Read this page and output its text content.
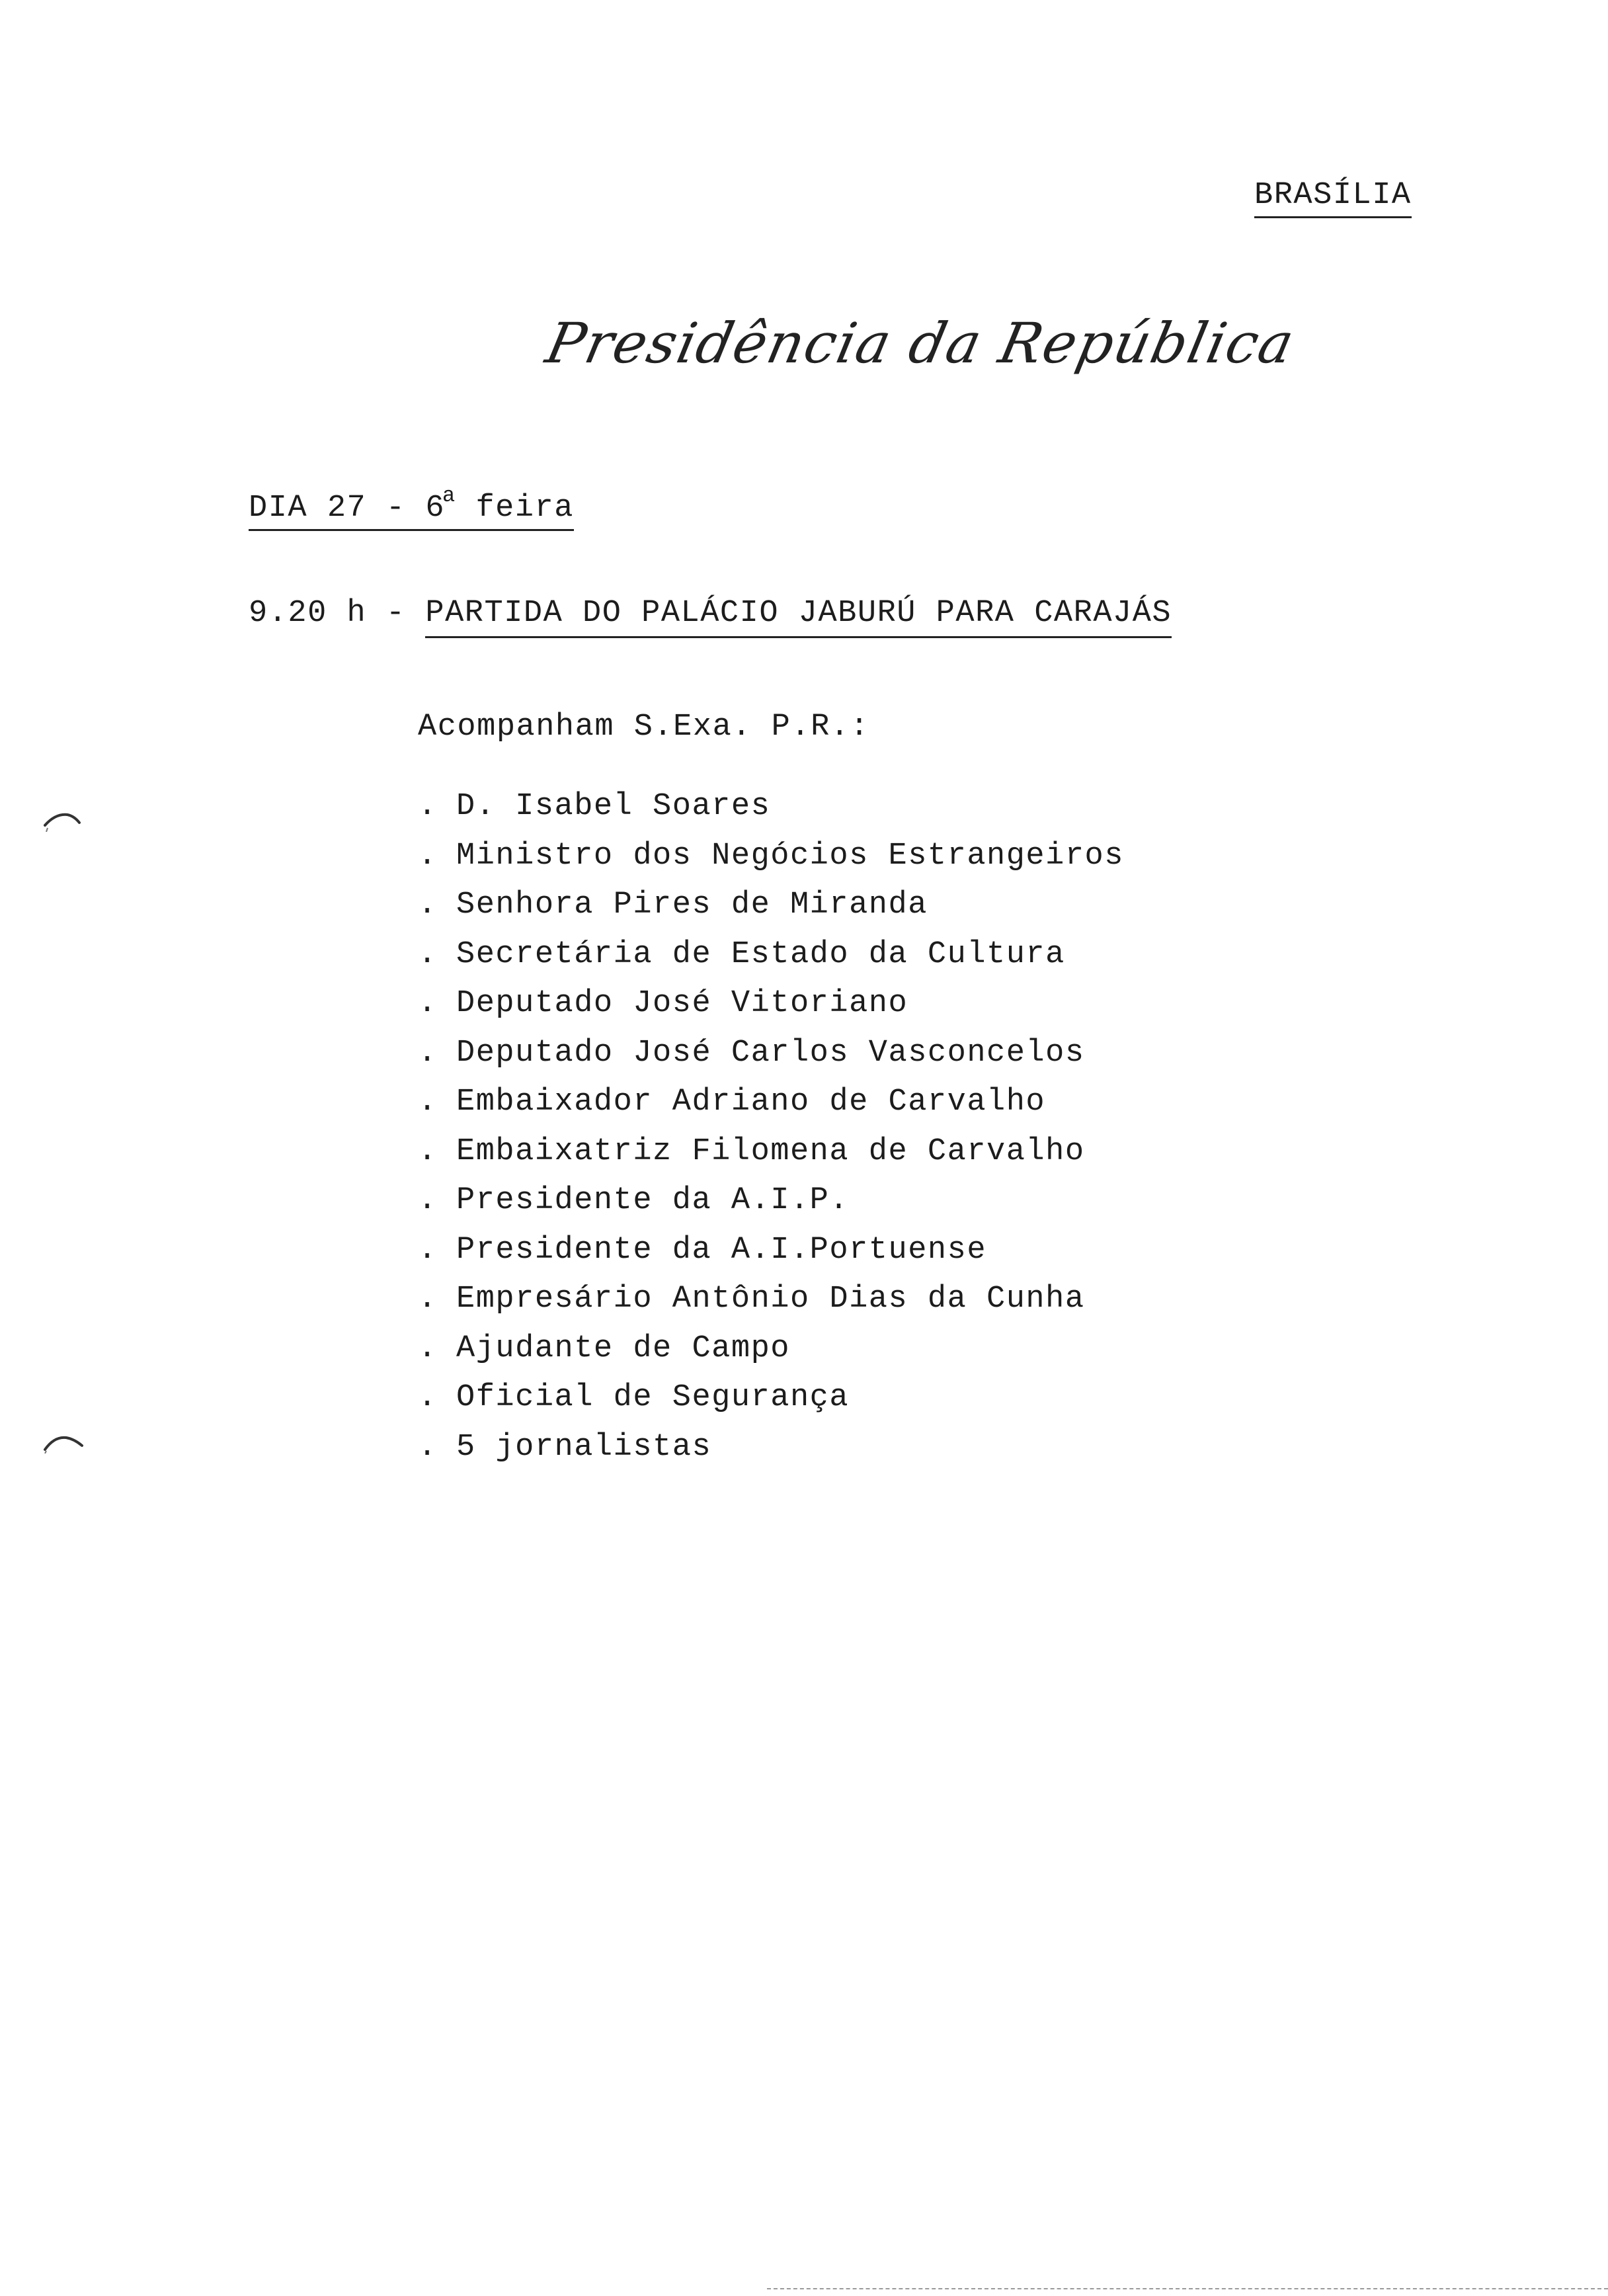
BRASÍLIA
Presidência da República
DIA 27 - 6$^a$ feira
9.20 h - PARTIDA DO PALÁCIO JABURÚ PARA CARAJÁS
Acompanham S.Exa. P.R.:
. D. Isabel Soares
. Ministro dos Negócios Estrangeiros
. Senhora Pires de Miranda
. Secretária de Estado da Cultura
. Deputado José Vitoriano
. Deputado José Carlos Vasconcelos
. Embaixador Adriano de Carvalho
. Embaixatriz Filomena de Carvalho
. Presidente da A.I.P.
. Presidente da A.I.Portuense
. Empresário Antônio Dias da Cunha
. Ajudante de Campo
. Oficial de Segurança
. 5 jornalistas
